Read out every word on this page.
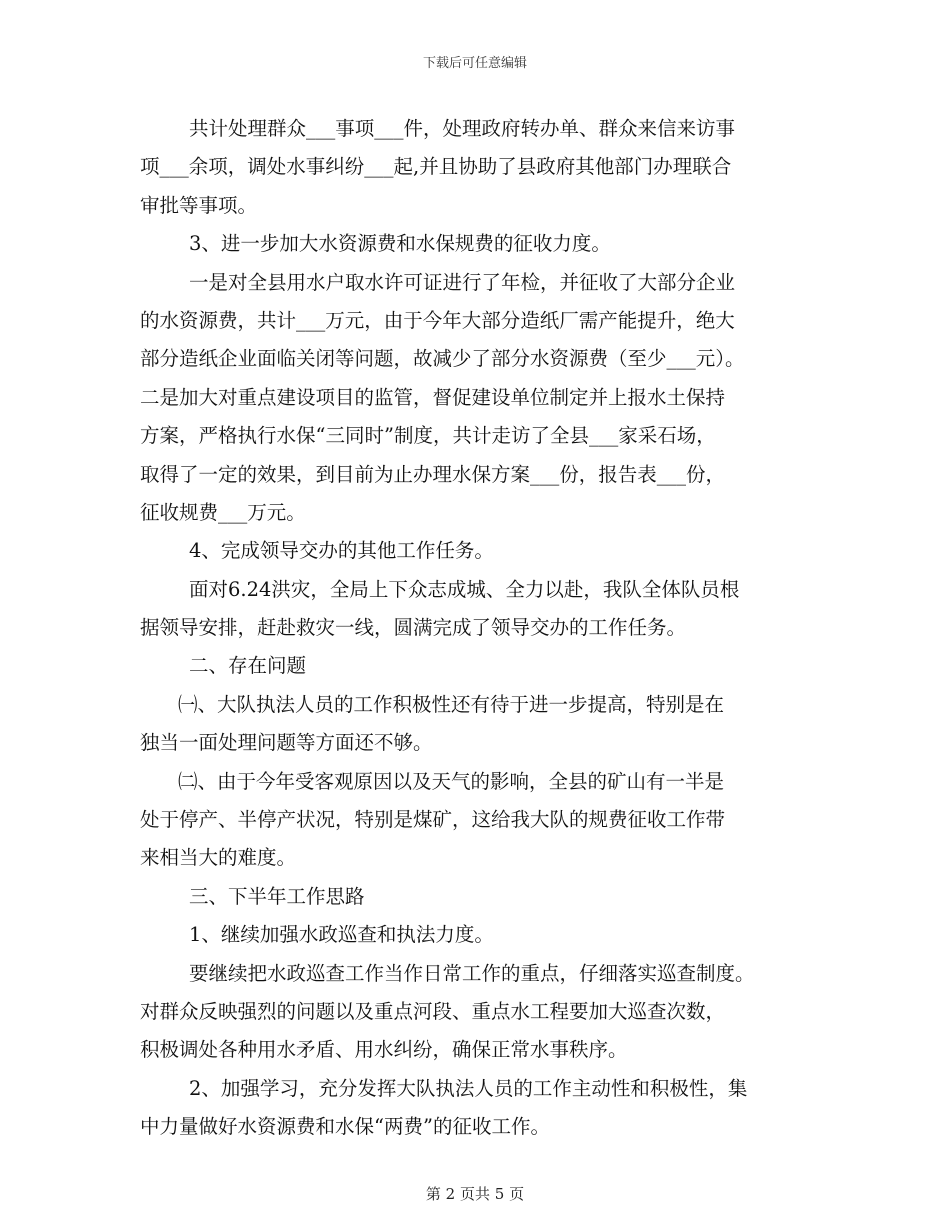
下载后可任意编辑
共计处理群众___事项___件，处理政府转办单、群众来信来访事
项___余项，调处水事纠纷___起,并且协助了县政府其他部门办理联合
审批等事项。
3、进一步加大水资源费和水保规费的征收力度。
一是对全县用水户取水许可证进行了年检，并征收了大部分企业
的水资源费，共计___万元，由于今年大部分造纸厂需产能提升，绝大
部分造纸企业面临关闭等问题，故减少了部分水资源费（至少___元）。
二是加大对重点建设项目的监管，督促建设单位制定并上报水土保持
方案，严格执行水保“三同时”制度，共计走访了全县___家采石场，
取得了一定的效果，到目前为止办理水保方案___份，报告表___份，
征收规费___万元。
4、完成领导交办的其他工作任务。
面对6.24洪灾，全局上下众志成城、全力以赴，我队全体队员根
据领导安排，赶赴救灾一线，圆满完成了领导交办的工作任务。
二、存在问题
㈠、大队执法人员的工作积极性还有待于进一步提高，特别是在
独当一面处理问题等方面还不够。
㈡、由于今年受客观原因以及天气的影响，全县的矿山有一半是
处于停产、半停产状况，特别是煤矿，这给我大队的规费征收工作带
来相当大的难度。
三、下半年工作思路
1、继续加强水政巡查和执法力度。
要继续把水政巡查工作当作日常工作的重点，仔细落实巡查制度。
对群众反映强烈的问题以及重点河段、重点水工程要加大巡查次数，
积极调处各种用水矛盾、用水纠纷，确保正常水事秩序。
2、加强学习，充分发挥大队执法人员的工作主动性和积极性，集
中力量做好水资源费和水保“两费”的征收工作。
第 2 页共 5 页
